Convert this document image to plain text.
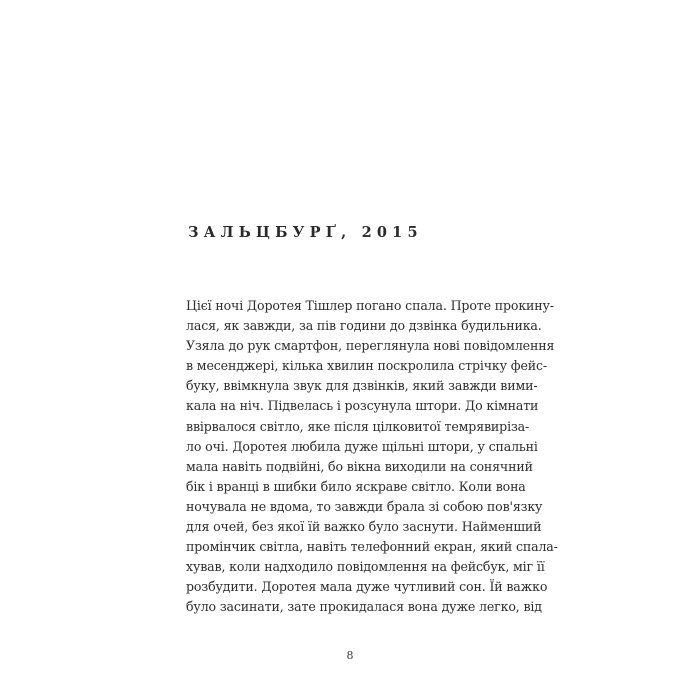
ЗАЛЬЦБУРҐ, 2015
Цієї ночі Доротея Тішлер погано спала. Проте прокину-
лася, як завжди, за пів години до дзвінка будильника.
Узяла до рук смартфон, переглянула нові повідомлення
в месенджері, кілька хвилин поскролила стрічку фейс-
буку, ввімкнула звук для дзвінків, який завжди вими-
кала на ніч. Підвелась і розсунула штори. До кімнати
ввірвалося світло, яке після цілковитої темрявиріза-
ло очі. Доротея любила дуже щільні штори, у спальні
мала навіть подвійні, бо вікна виходили на сонячний
бік і вранці в шибки било яскраве світло. Коли вона
ночувала не вдома, то завжди брала зі собою пов'язку
для очей, без якої їй важко було заснути. Найменший
промінчик світла, навіть телефонний екран, який спала-
хував, коли надходило повідомлення на фейсбук, міг її
розбудити. Доротея мала дуже чутливий сон. Їй важко
було засинати, зате прокидалася вона дуже легко, від
8
